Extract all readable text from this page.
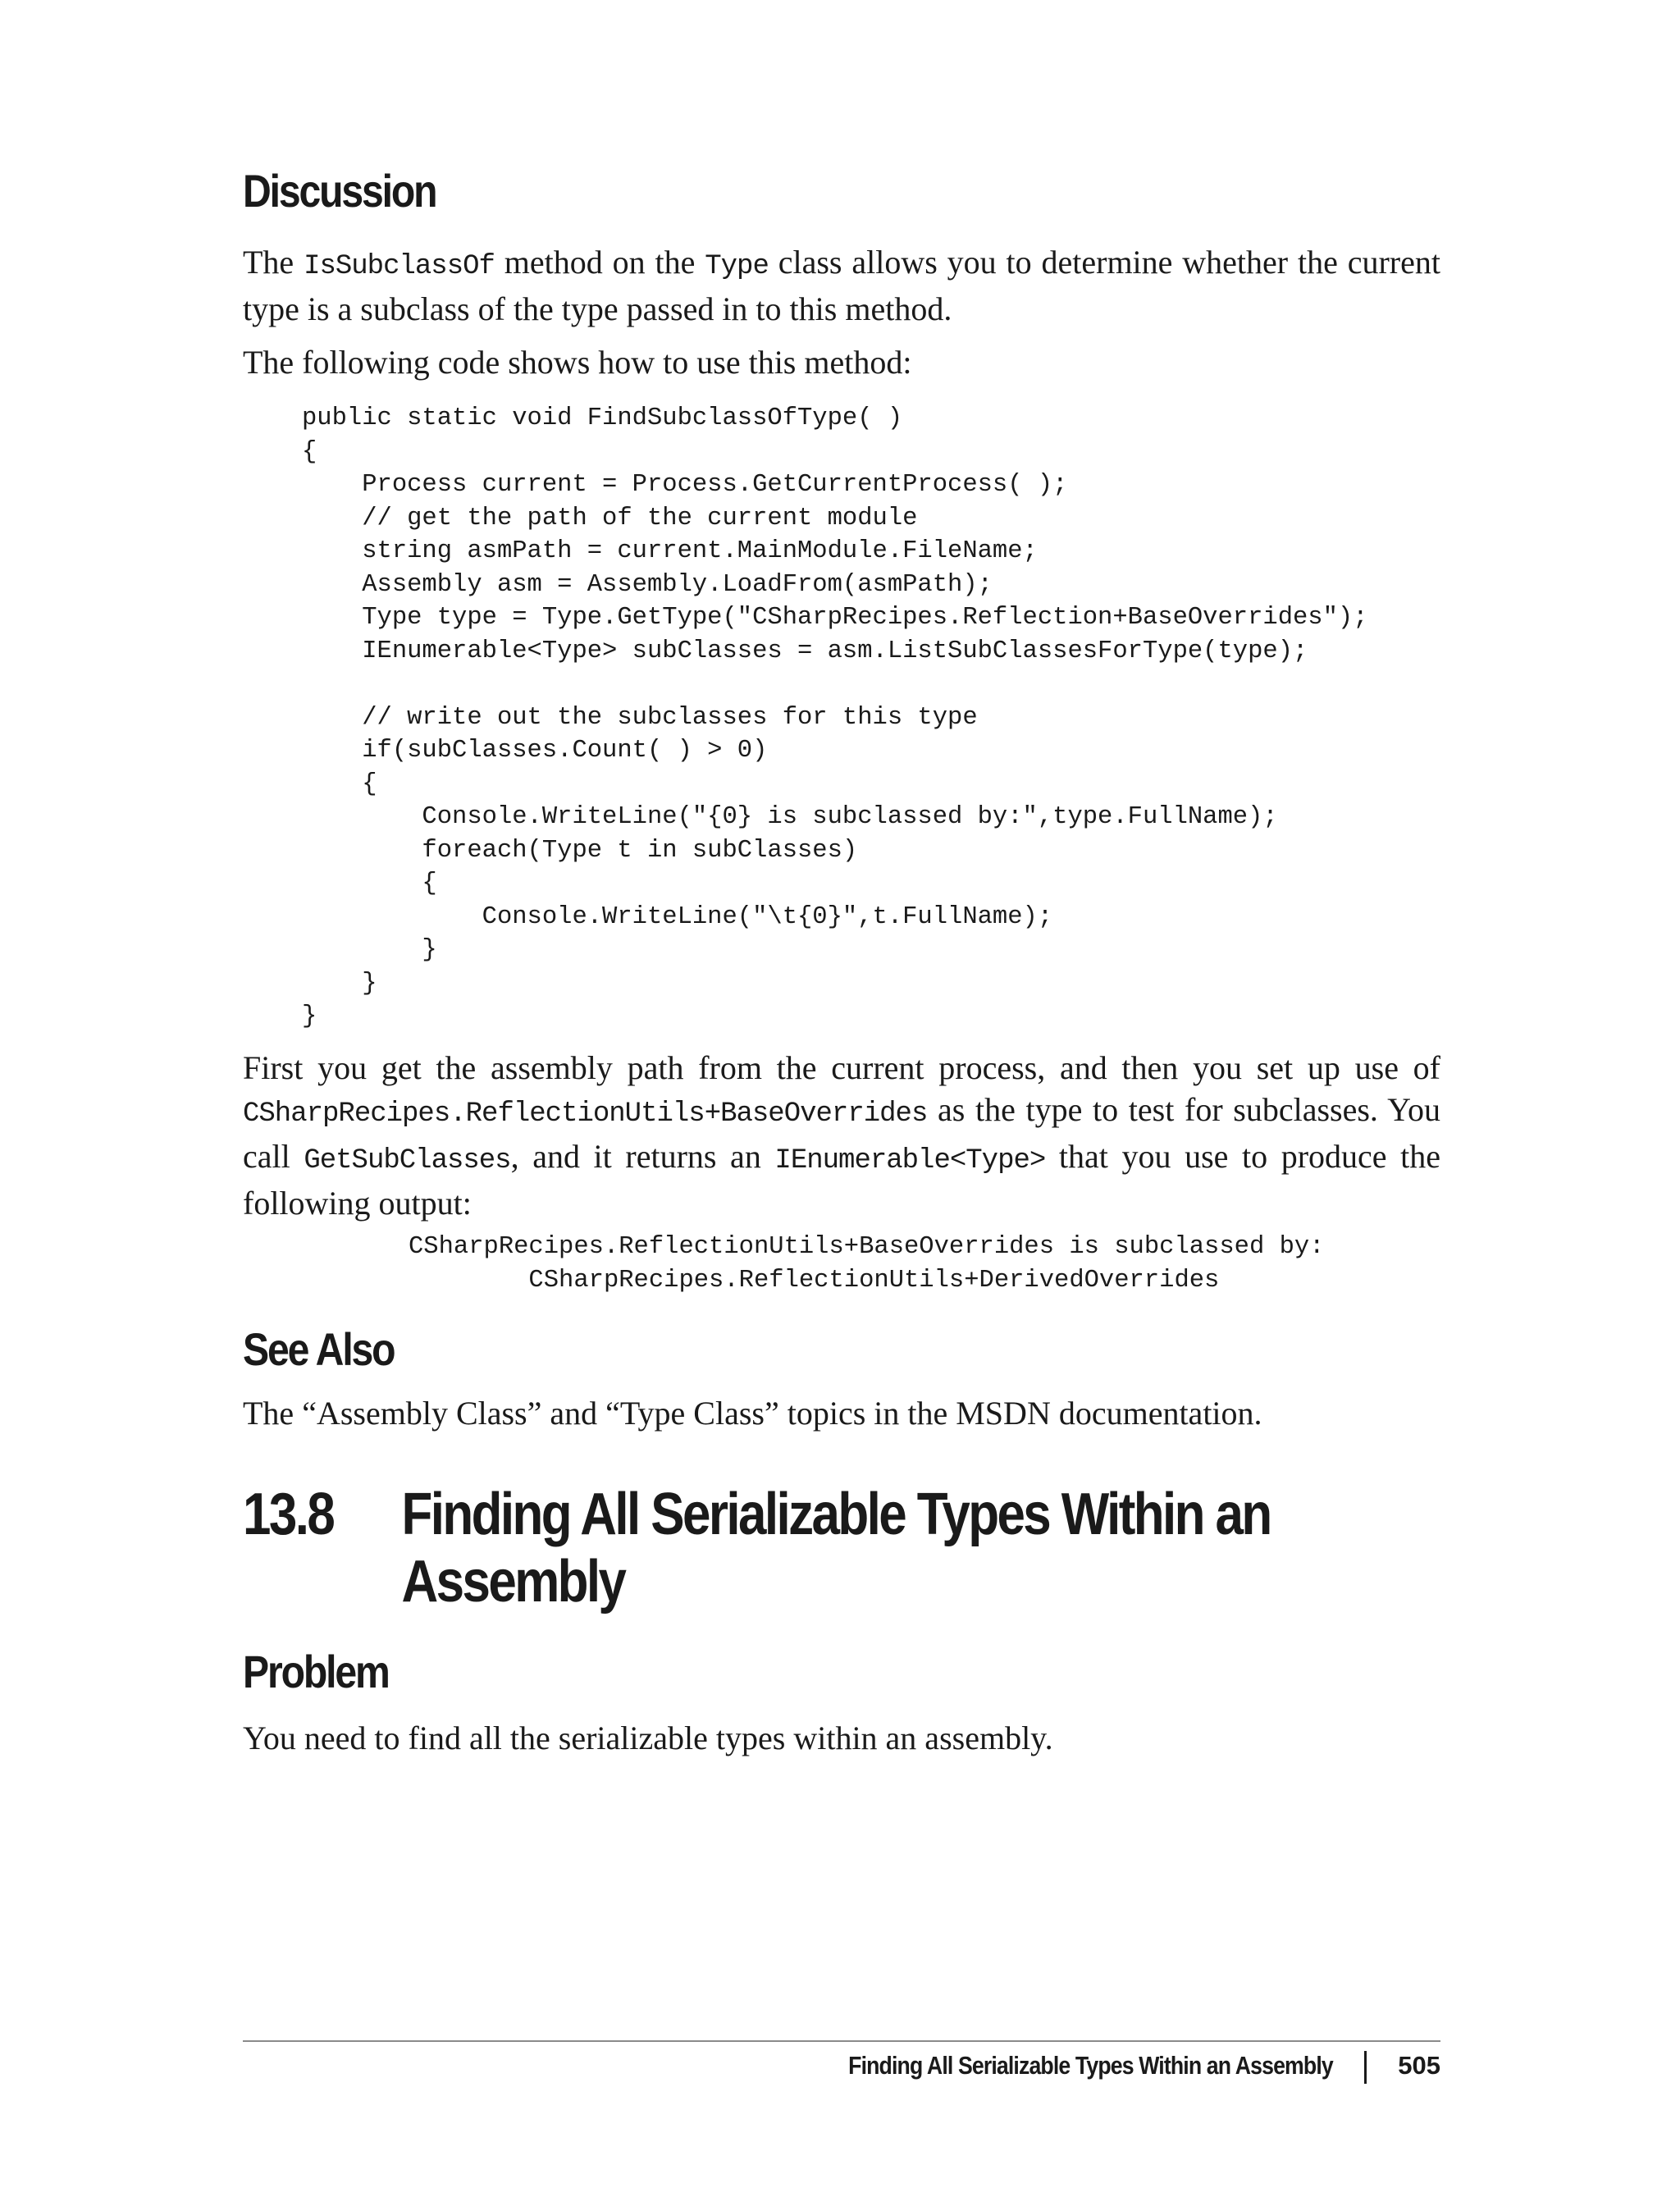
Discussion

The IsSubclassOf method on the Type class allows you to determine whether the current type is a subclass of the type passed in to this method.

The following code shows how to use this method:

public static void FindSubclassOfType( )
{
Process current = Process.GetCurrentProcess( );
// get the path of the current module
string asmPath = current.MainModule.FileName;
Assembly asm = Assembly.LoadFrom(asmPath);
Type type = Type.GetType("CSharpRecipes.Reflection+BaseOverrides");
IEnumerable<Type> subClasses = asm.ListSubClassesForType(type);

// write out the subclasses for this type
if(subClasses.Count( ) > 0)
{
Console.WriteLine("{0} is subclassed by:",type.FullName);
foreach(Type t in subClasses)
{
Console.WriteLine("\t{0}",t.FullName);
}
}
}

First you get the assembly path from the current process, and then you set up use of CSharpRecipes.ReflectionUtils+BaseOverrides as the type to test for subclasses. You call GetSubClasses, and it returns an IEnumerable<Type> that you use to produce the following output:

CSharpRecipes.ReflectionUtils+BaseOverrides is subclassed by:
CSharpRecipes.ReflectionUtils+DerivedOverrides
See Also

The “Assembly Class” and “Type Class” topics in the MSDN documentation.

13.8 Finding All Serializable Types Within an
Assembly
Problem

You need to find all the serializable types within an assembly.

Finding All Serializable Types Within an Assembly	505
